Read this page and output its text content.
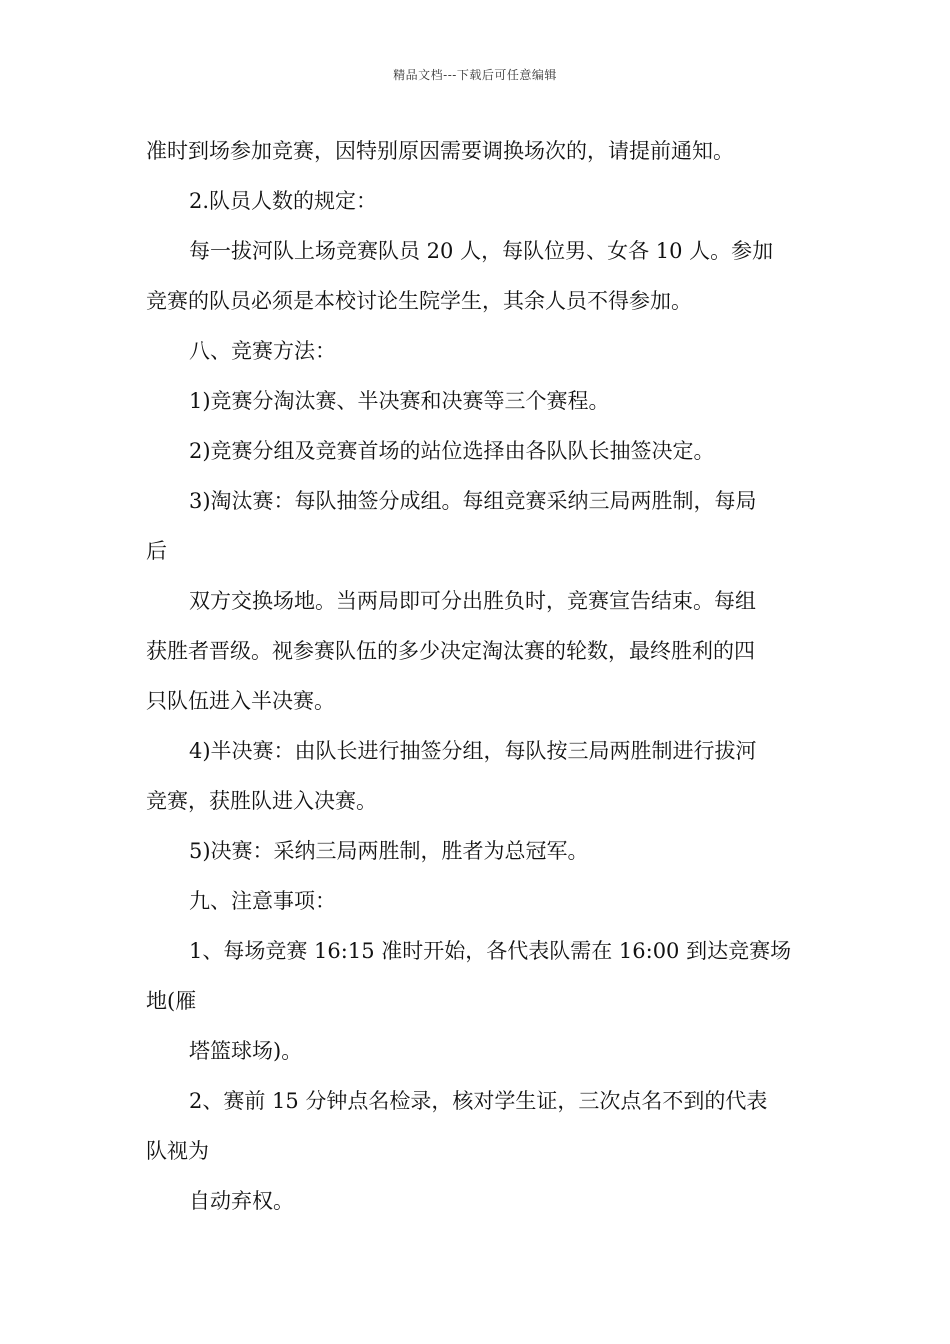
精品文档---下载后可任意编辑
准时到场参加竞赛，因特别原因需要调换场次的，请提前通知。
2.队员人数的规定：
每一拔河队上场竞赛队员 20 人，每队位男、女各 10 人。参加
竞赛的队员必须是本校讨论生院学生，其余人员不得参加。
八、竞赛方法：
1)竞赛分淘汰赛、半决赛和决赛等三个赛程。
2)竞赛分组及竞赛首场的站位选择由各队队长抽签决定。
3)淘汰赛：每队抽签分成组。每组竞赛采纳三局两胜制，每局
后
双方交换场地。当两局即可分出胜负时，竞赛宣告结束。每组
获胜者晋级。视参赛队伍的多少决定淘汰赛的轮数，最终胜利的四
只队伍进入半决赛。
4)半决赛：由队长进行抽签分组，每队按三局两胜制进行拔河
竞赛，获胜队进入决赛。
5)决赛：采纳三局两胜制，胜者为总冠军。
九、注意事项：
1、每场竞赛 16:15 准时开始，各代表队需在 16:00 到达竞赛场
地(雁
塔篮球场)。
2、赛前 15 分钟点名检录，核对学生证，三次点名不到的代表
队视为
自动弃权。
